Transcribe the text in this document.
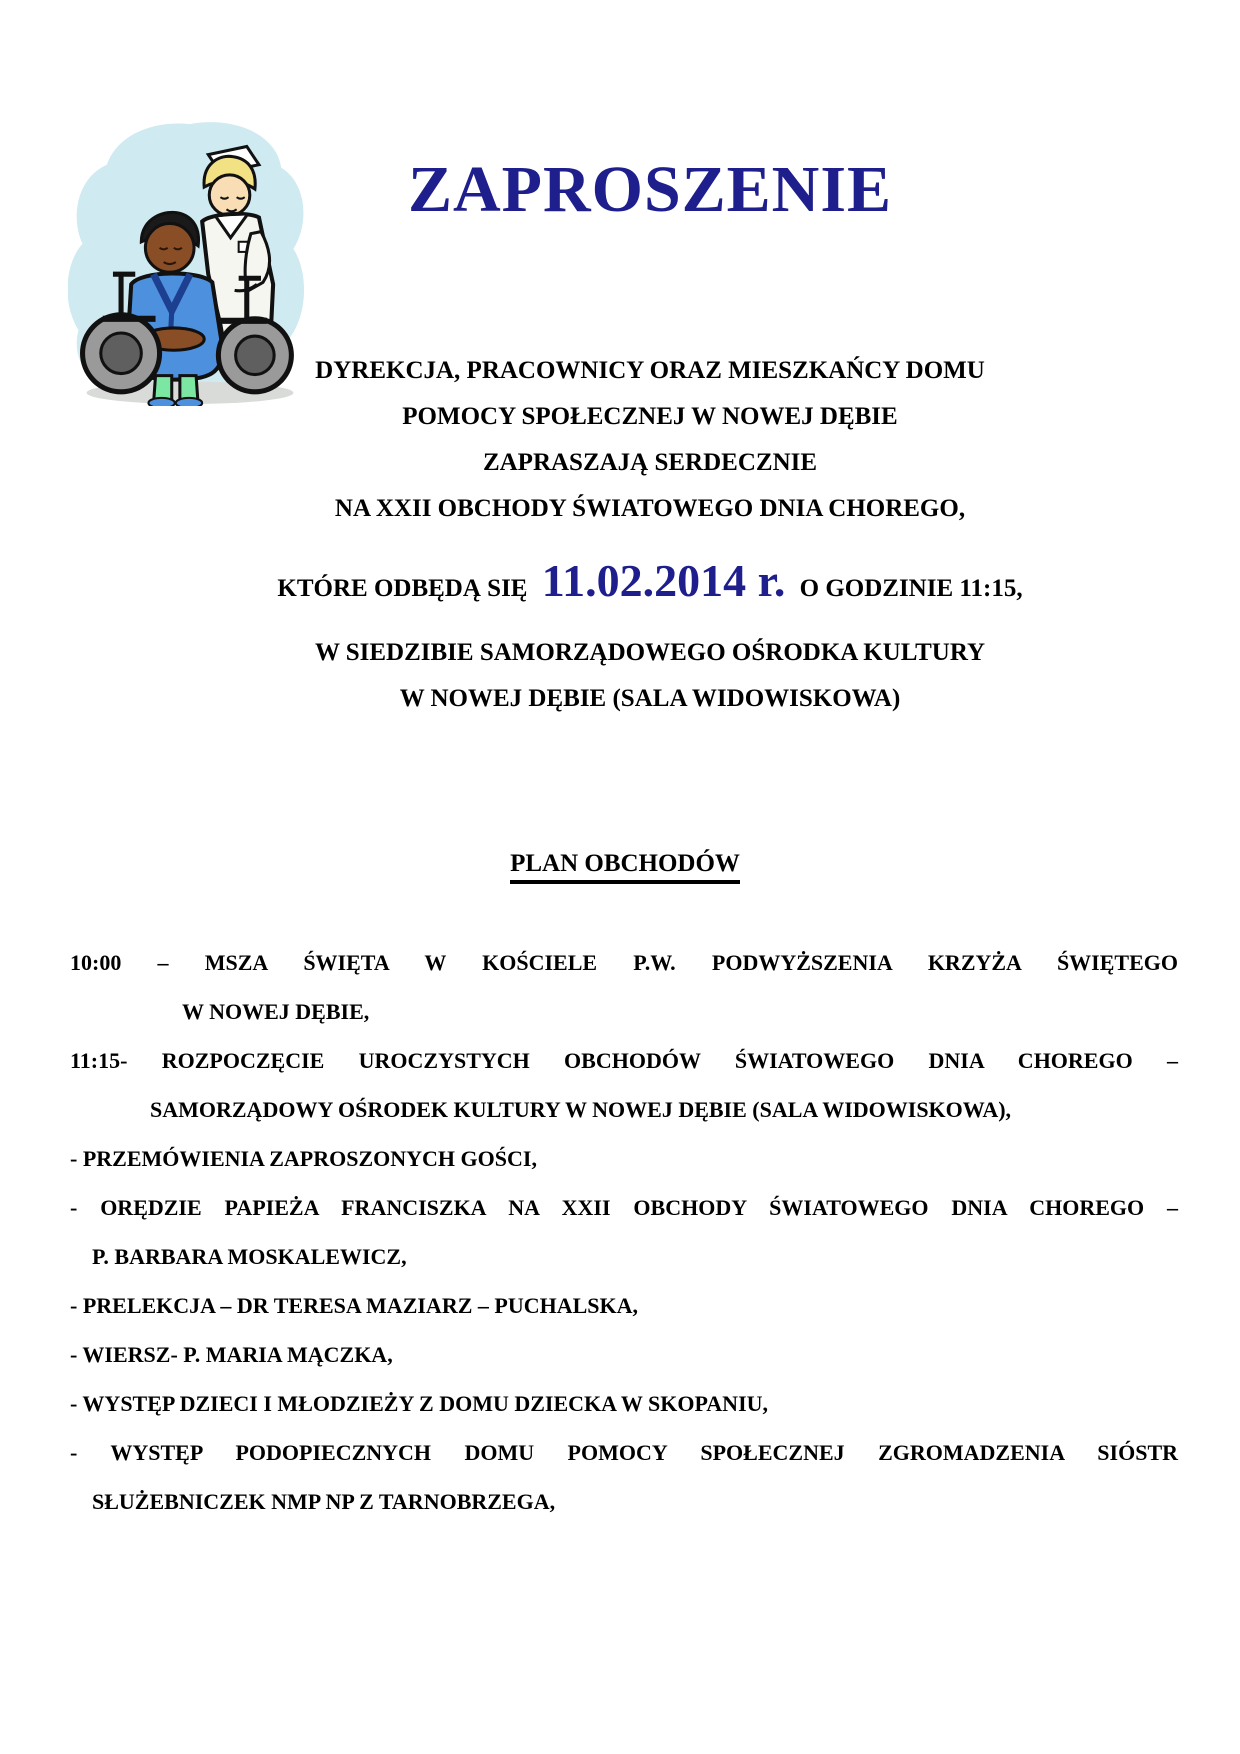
ZAPROSZENIE
DYREKCJA, PRACOWNICY ORAZ MIESZKAŃCY DOMU
POMOCY SPOŁECZNEJ W NOWEJ DĘBIE
ZAPRASZAJĄ SERDECZNIE
NA XXII OBCHODY ŚWIATOWEGO DNIA CHOREGO,
KTÓRE ODBĘDĄ SIĘ 11.02.2014 r. O GODZINIE 11:15,
W SIEDZIBIE SAMORZĄDOWEGO OŚRODKA KULTURY
W NOWEJ DĘBIE (SALA WIDOWISKOWA)
PLAN OBCHODÓW
10:00 – MSZA ŚWIĘTA W KOŚCIELE P.W. PODWYŻSZENIA KRZYŻA ŚWIĘTEGO
W NOWEJ DĘBIE,
11:15- ROZPOCZĘCIE UROCZYSTYCH OBCHODÓW ŚWIATOWEGO DNIA CHOREGO –
SAMORZĄDOWY OŚRODEK KULTURY W NOWEJ DĘBIE (SALA WIDOWISKOWA),
- PRZEMÓWIENIA ZAPROSZONYCH GOŚCI,
- ORĘDZIE PAPIEŻA FRANCISZKA NA XXII OBCHODY ŚWIATOWEGO DNIA CHOREGO –
P. BARBARA MOSKALEWICZ,
- PRELEKCJA – DR TERESA MAZIARZ – PUCHALSKA,
- WIERSZ- P. MARIA MĄCZKA,
- WYSTĘP DZIECI I MŁODZIEŻY Z DOMU DZIECKA W SKOPANIU,
- WYSTĘP PODOPIECZNYCH DOMU POMOCY SPOŁECZNEJ ZGROMADZENIA SIÓSTR
SŁUŻEBNICZEK NMP NP Z TARNOBRZEGA,
